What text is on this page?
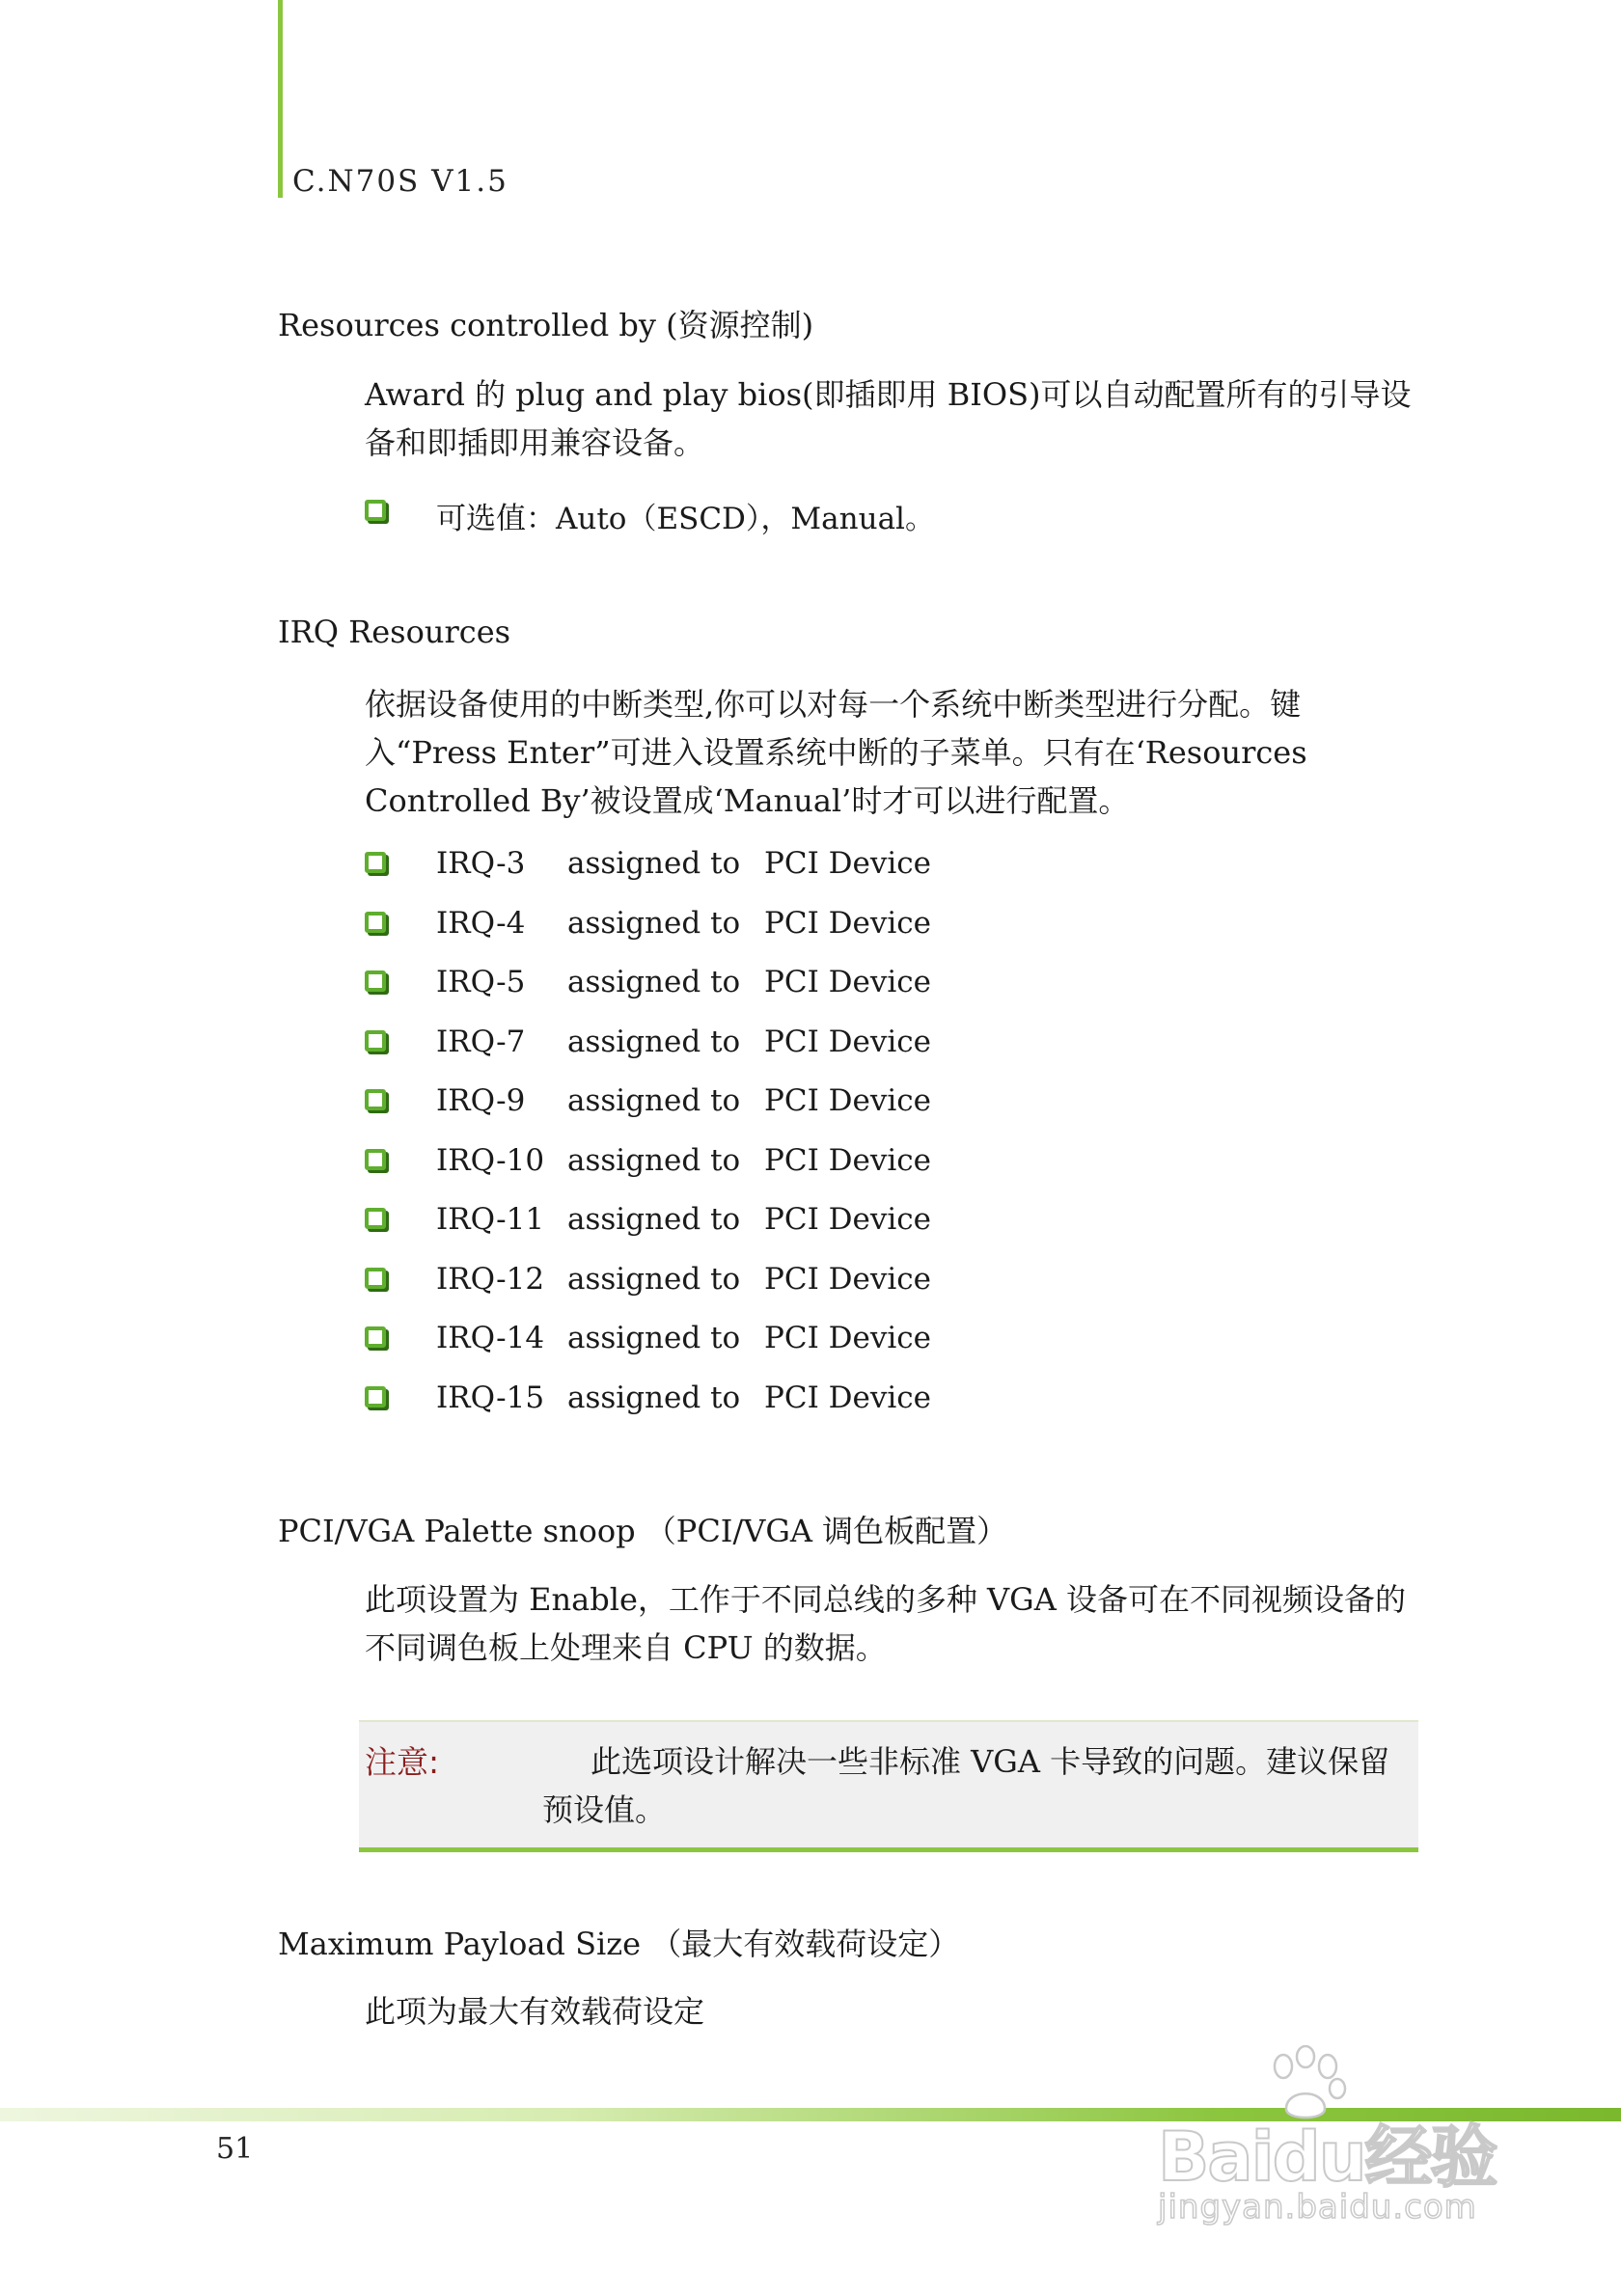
C.N70S V1.5
Resources controlled by (资源控制)
Award 的 plug and play bios(即插即用 BIOS)可以自动配置所有的引导设备和即插即用兼容设备。
可选值：Auto（ESCD），Manual。
IRQ Resources
依据设备使用的中断类型,你可以对每一个系统中断类型进行分配。键入“Press Enter”可进入设置系统中断的子菜单。只有在‘Resources Controlled By’被设置成‘Manual’时才可以进行配置。
IRQ-3 assigned to PCI Device
IRQ-4 assigned to PCI Device
IRQ-5 assigned to PCI Device
IRQ-7 assigned to PCI Device
IRQ-9 assigned to PCI Device
IRQ-10 assigned to PCI Device
IRQ-11 assigned to PCI Device
IRQ-12 assigned to PCI Device
IRQ-14 assigned to PCI Device
IRQ-15 assigned to PCI Device
PCI/VGA Palette snoop （PCI/VGA 调色板配置）
此项设置为 Enable，工作于不同总线的多种 VGA 设备可在不同视频设备的不同调色板上处理来自 CPU 的数据。
注意:	此选项设计解决一些非标准 VGA 卡导致的问题。建议保留预设值。
Maximum Payload Size （最大有效载荷设定）
此项为最大有效载荷设定
51	Baidu经验
jingyan.baidu.com
